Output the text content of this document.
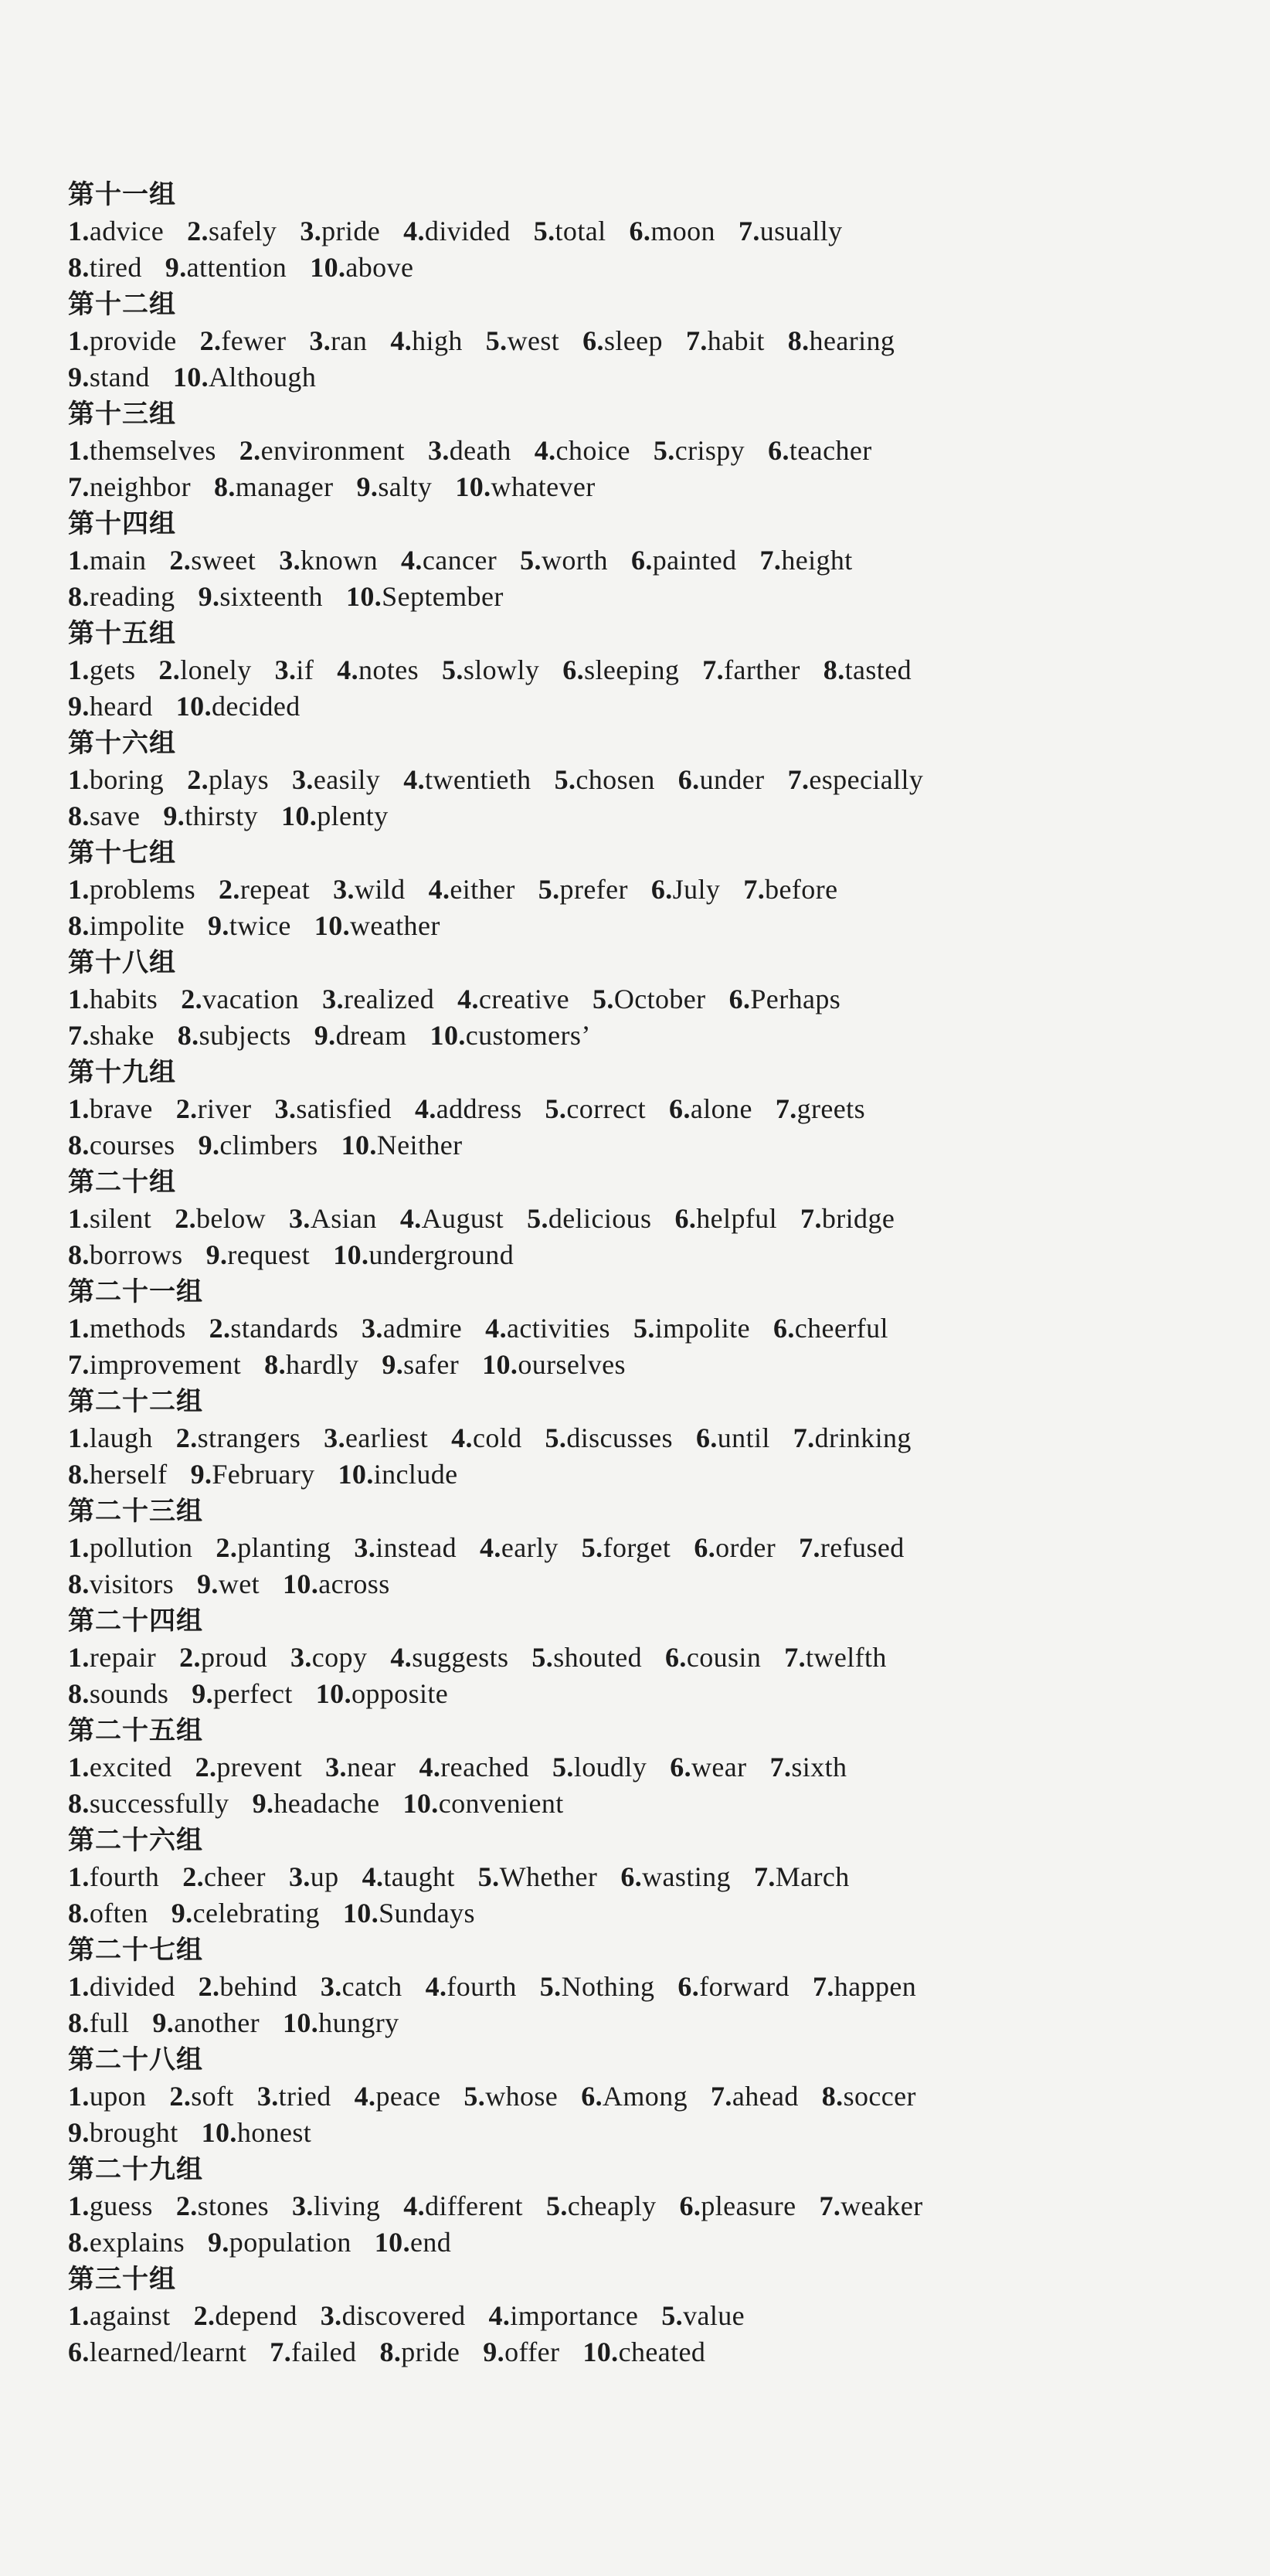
第十一组
1.advice 2.safely 3.pride 4.divided 5.total 6.moon 7.usually
8.tired 9.attention 10.above
第十二组
1.provide 2.fewer 3.ran 4.high 5.west 6.sleep 7.habit 8.hearing
9.stand 10.Although
第十三组
1.themselves 2.environment 3.death 4.choice 5.crispy 6.teacher
7.neighbor 8.manager 9.salty 10.whatever
第十四组
1.main 2.sweet 3.known 4.cancer 5.worth 6.painted 7.height
8.reading 9.sixteenth 10.September
第十五组
1.gets 2.lonely 3.if 4.notes 5.slowly 6.sleeping 7.farther 8.tasted
9.heard 10.decided
第十六组
1.boring 2.plays 3.easily 4.twentieth 5.chosen 6.under 7.especially
8.save 9.thirsty 10.plenty
第十七组
1.problems 2.repeat 3.wild 4.either 5.prefer 6.July 7.before
8.impolite 9.twice 10.weather
第十八组
1.habits 2.vacation 3.realized 4.creative 5.October 6.Perhaps
7.shake 8.subjects 9.dream 10.customers’
第十九组
1.brave 2.river 3.satisfied 4.address 5.correct 6.alone 7.greets
8.courses 9.climbers 10.Neither
第二十组
1.silent 2.below 3.Asian 4.August 5.delicious 6.helpful 7.bridge
8.borrows 9.request 10.underground
第二十一组
1.methods 2.standards 3.admire 4.activities 5.impolite 6.cheerful
7.improvement 8.hardly 9.safer 10.ourselves
第二十二组
1.laugh 2.strangers 3.earliest 4.cold 5.discusses 6.until 7.drinking
8.herself 9.February 10.include
第二十三组
1.pollution 2.planting 3.instead 4.early 5.forget 6.order 7.refused
8.visitors 9.wet 10.across
第二十四组
1.repair 2.proud 3.copy 4.suggests 5.shouted 6.cousin 7.twelfth
8.sounds 9.perfect 10.opposite
第二十五组
1.excited 2.prevent 3.near 4.reached 5.loudly 6.wear 7.sixth
8.successfully 9.headache 10.convenient
第二十六组
1.fourth 2.cheer 3.up 4.taught 5.Whether 6.wasting 7.March
8.often 9.celebrating 10.Sundays
第二十七组
1.divided 2.behind 3.catch 4.fourth 5.Nothing 6.forward 7.happen
8.full 9.another 10.hungry
第二十八组
1.upon 2.soft 3.tried 4.peace 5.whose 6.Among 7.ahead 8.soccer
9.brought 10.honest
第二十九组
1.guess 2.stones 3.living 4.different 5.cheaply 6.pleasure 7.weaker
8.explains 9.population 10.end
第三十组
1.against 2.depend 3.discovered 4.importance 5.value
6.learned/learnt 7.failed 8.pride 9.offer 10.cheated
